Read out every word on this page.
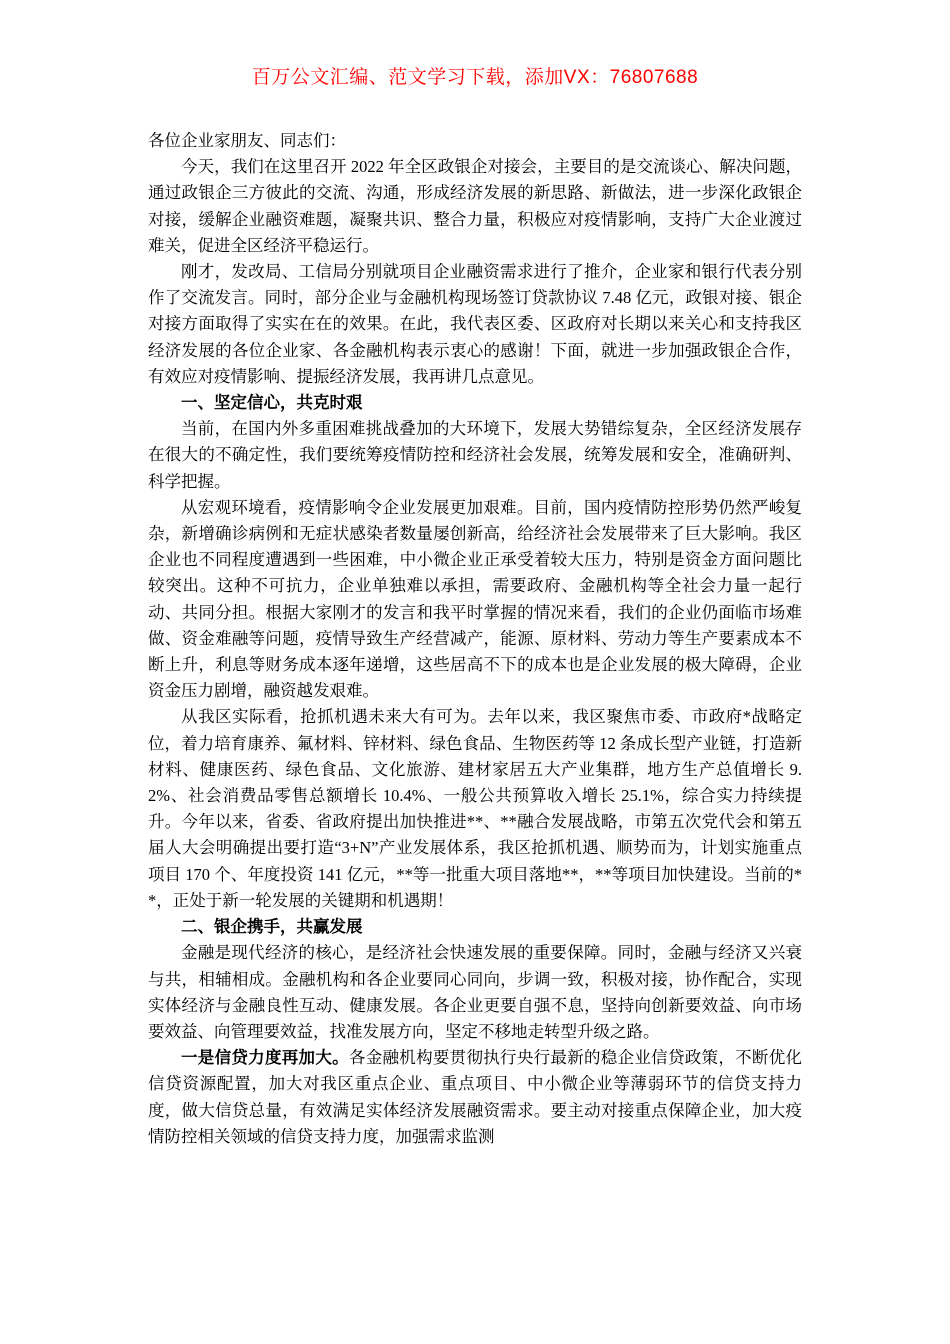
百万公文汇编、范文学习下载，添加VX：76807688

各位企业家朋友、同志们：

今天，我们在这里召开 2022 年全区政银企对接会，主要目的是交流谈心、解决问题，通过政银企三方彼此的交流、沟通，形成经济发展的新思路、新做法，进一步深化政银企对接，缓解企业融资难题，凝聚共识、整合力量，积极应对疫情影响，支持广大企业渡过难关，促进全区经济平稳运行。

刚才，发改局、工信局分别就项目企业融资需求进行了推介，企业家和银行代表分别作了交流发言。同时，部分企业与金融机构现场签订贷款协议 7.48 亿元，政银对接、银企对接方面取得了实实在在的效果。在此，我代表区委、区政府对长期以来关心和支持我区经济发展的各位企业家、各金融机构表示衷心的感谢！下面，就进一步加强政银企合作，有效应对疫情影响、提振经济发展，我再讲几点意见。

一、坚定信心，共克时艰

当前，在国内外多重困难挑战叠加的大环境下，发展大势错综复杂，全区经济发展存在很大的不确定性，我们要统筹疫情防控和经济社会发展，统筹发展和安全，准确研判、科学把握。

从宏观环境看，疫情影响令企业发展更加艰难。目前，国内疫情防控形势仍然严峻复杂，新增确诊病例和无症状感染者数量屡创新高，给经济社会发展带来了巨大影响。我区企业也不同程度遭遇到一些困难，中小微企业正承受着较大压力，特别是资金方面问题比较突出。这种不可抗力，企业单独难以承担，需要政府、金融机构等全社会力量一起行动、共同分担。根据大家刚才的发言和我平时掌握的情况来看，我们的企业仍面临市场难做、资金难融等问题，疫情导致生产经营减产，能源、原材料、劳动力等生产要素成本不断上升，利息等财务成本逐年递增，这些居高不下的成本也是企业发展的极大障碍，企业资金压力剧增，融资越发艰难。

从我区实际看，抢抓机遇未来大有可为。去年以来，我区聚焦市委、市政府*战略定位，着力培育康养、氟材料、锌材料、绿色食品、生物医药等 12 条成长型产业链，打造新材料、健康医药、绿色食品、文化旅游、建材家居五大产业集群，地方生产总值增长 9.2%、社会消费品零售总额增长 10.4%、一般公共预算收入增长 25.1%，综合实力持续提升。今年以来，省委、省政府提出加快推进**、**融合发展战略，市第五次党代会和第五届人大会明确提出要打造“3+N”产业发展体系，我区抢抓机遇、顺势而为，计划实施重点项目 170 个、年度投资 141 亿元，**等一批重大项目落地**，**等项目加快建设。当前的**，正处于新一轮发展的关键期和机遇期！

二、银企携手，共赢发展

金融是现代经济的核心，是经济社会快速发展的重要保障。同时，金融与经济又兴衰与共，相辅相成。金融机构和各企业要同心同向，步调一致，积极对接，协作配合，实现实体经济与金融良性互动、健康发展。各企业更要自强不息，坚持向创新要效益、向市场要效益、向管理要效益，找准发展方向，坚定不移地走转型升级之路。

一是信贷力度再加大。各金融机构要贯彻执行央行最新的稳企业信贷政策，不断优化信贷资源配置，加大对我区重点企业、重点项目、中小微企业等薄弱环节的信贷支持力度，做大信贷总量，有效满足实体经济发展融资需求。要主动对接重点保障企业，加大疫情防控相关领域的信贷支持力度，加强需求监测
